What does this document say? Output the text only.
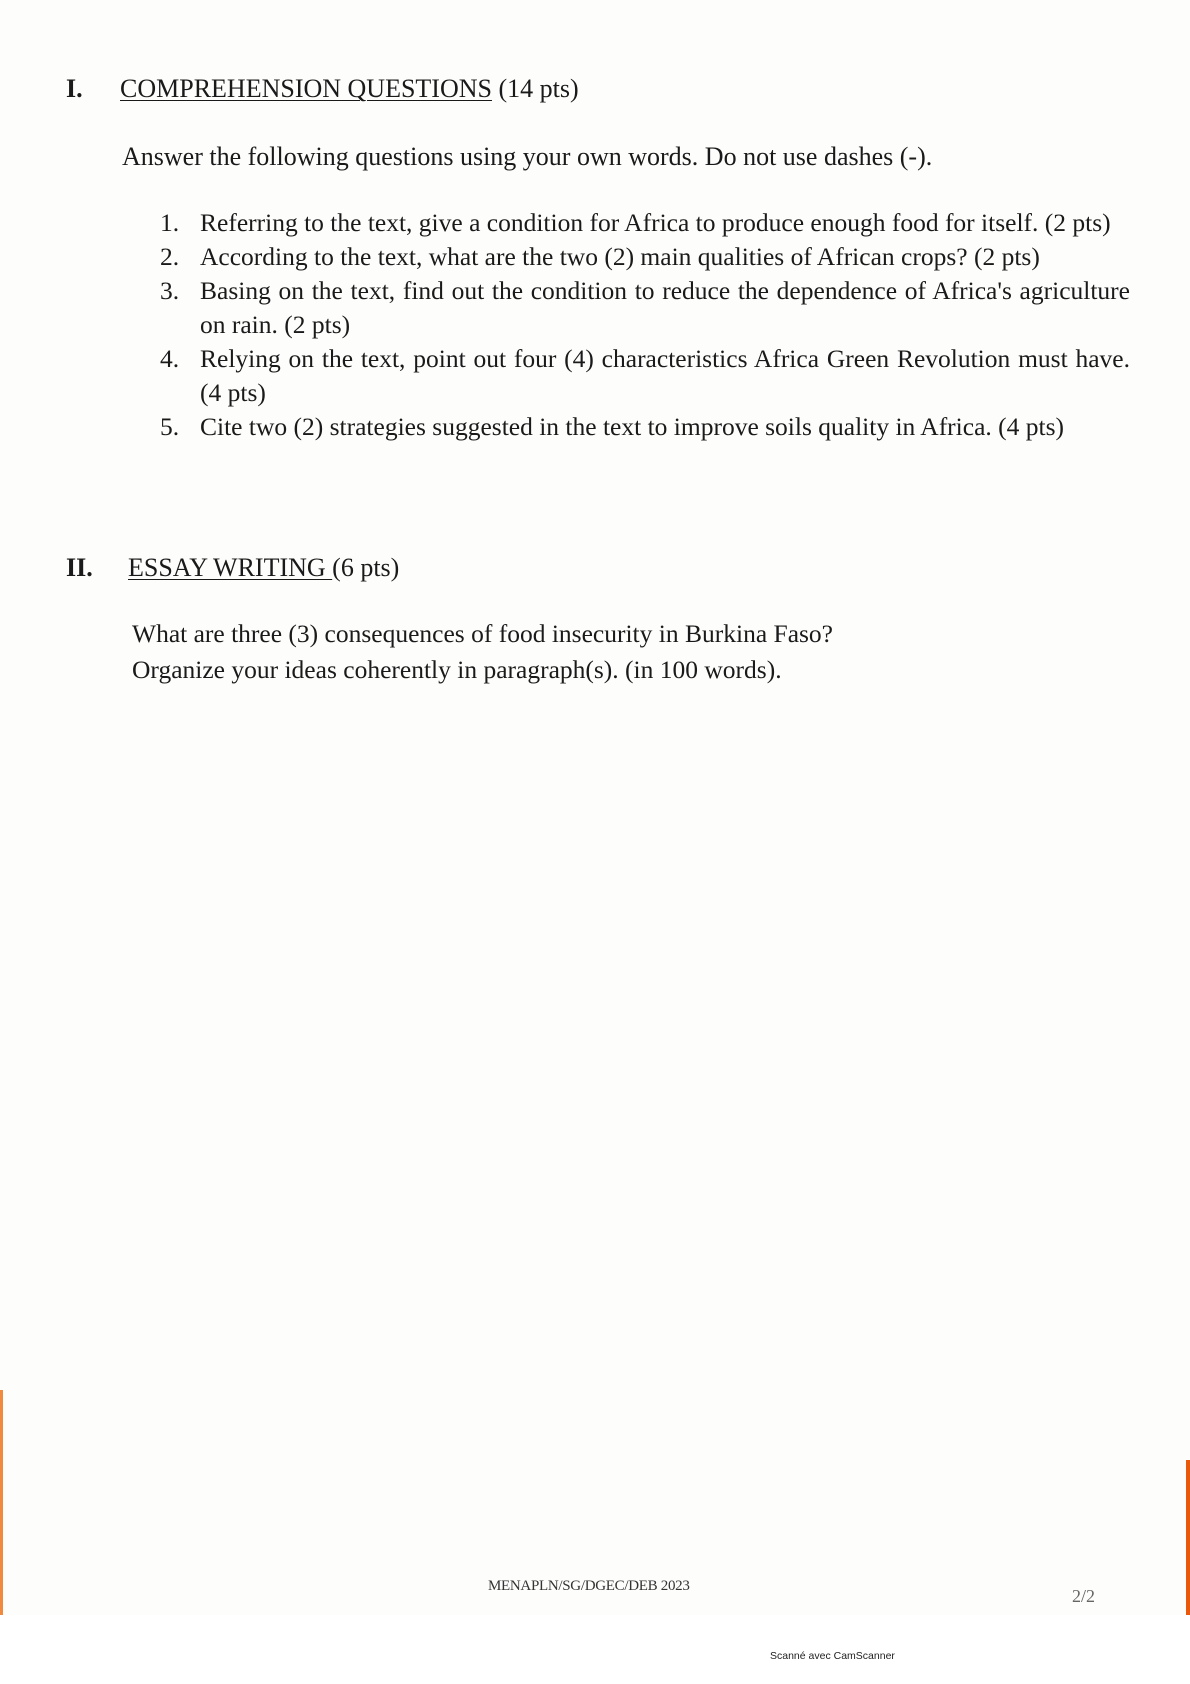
I. COMPREHENSION QUESTIONS (14 pts)
Answer the following questions using your own words. Do not use dashes (-).
1. Referring to the text, give a condition for Africa to produce enough food for itself. (2 pts)
2. According to the text, what are the two (2) main qualities of African crops? (2 pts)
3. Basing on the text, find out the condition to reduce the dependence of Africa's agriculture on rain. (2 pts)
4. Relying on the text, point out four (4) characteristics Africa Green Revolution must have. (4 pts)
5. Cite two (2) strategies suggested in the text to improve soils quality in Africa. (4 pts)
II. ESSAY WRITING (6 pts)
What are three (3) consequences of food insecurity in Burkina Faso?
Organize your ideas coherently in paragraph(s). (in 100 words).
MENAPLN/SG/DGEC/DEB 2023	2/2
Scanné avec CamScanner
